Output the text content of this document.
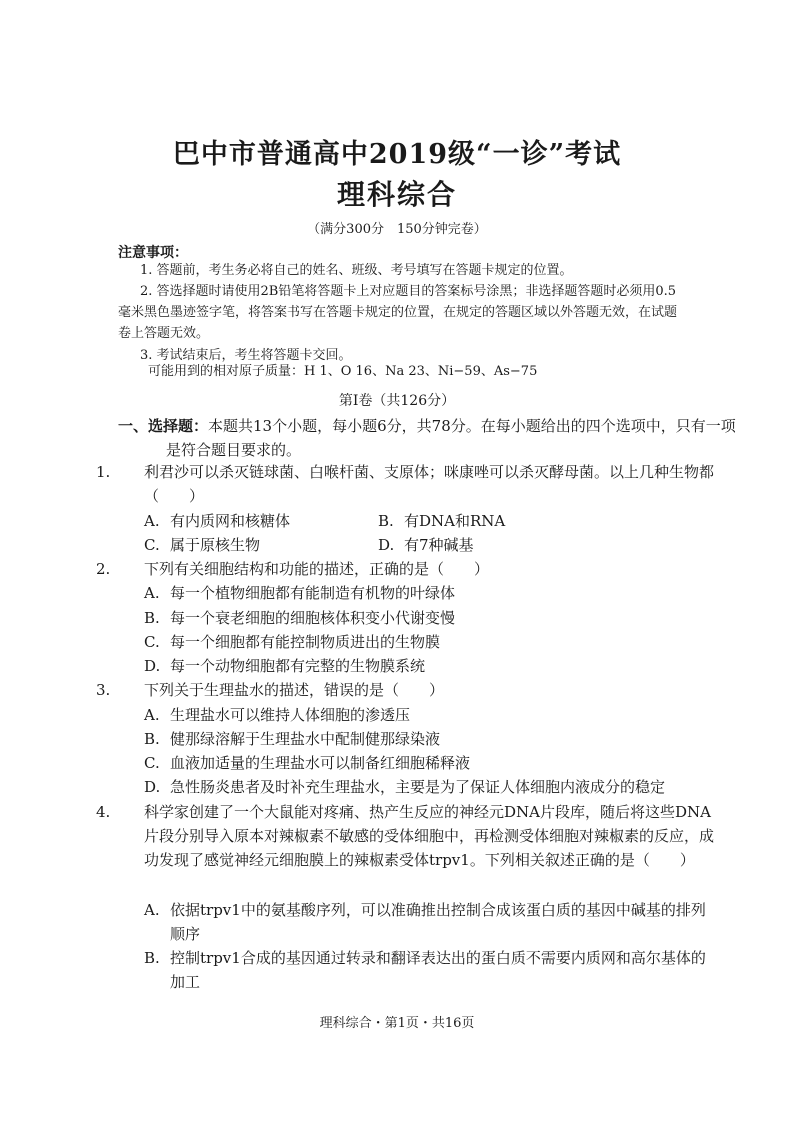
巴中市普通高中2019级“一诊”考试
理科综合
（满分300分　150分钟完卷）
注意事项：
1. 答题前，考生务必将自己的姓名、班级、考号填写在答题卡规定的位置。
2. 答选择题时请使用2B铅笔将答题卡上对应题目的答案标号涂黑；非选择题答题时必须用0.5毫米黑色墨迹签字笔，将答案书写在答题卡规定的位置，在规定的答题区域以外答题无效，在试题卷上答题无效。
3. 考试结束后，考生将答题卡交回。
可能用到的相对原子质量：H 1、O 16、Na 23、Ni−59、As−75
第Ⅰ卷（共126分）
一、选择题：本题共13个小题，每小题6分，共78分。在每小题给出的四个选项中，只有一项是符合题目要求的。
1. 利君沙可以杀灭链球菌、白喉杆菌、支原体；咪康唑可以杀灭酵母菌。以上几种生物都（　　）
A. 有内质网和核糖体	B. 有DNA和RNA
C. 属于原核生物	D. 有7种碱基
2. 下列有关细胞结构和功能的描述，正确的是（　　）
A. 每一个植物细胞都有能制造有机物的叶绿体
B. 每一个衰老细胞的细胞核体积变小代谢变慢
C. 每一个细胞都有能控制物质进出的生物膜
D. 每一个动物细胞都有完整的生物膜系统
3. 下列关于生理盐水的描述，错误的是（　　）
A. 生理盐水可以维持人体细胞的渗透压
B. 健那绿溶解于生理盐水中配制健那绿染液
C. 血液加适量的生理盐水可以制备红细胞稀释液
D. 急性肠炎患者及时补充生理盐水，主要是为了保证人体细胞内液成分的稳定
4. 科学家创建了一个大鼠能对疼痛、热产生反应的神经元DNA片段库，随后将这些DNA片段分别导入原本对辣椒素不敏感的受体细胞中，再检测受体细胞对辣椒素的反应，成功发现了感觉神经元细胞膜上的辣椒素受体trpv1。下列相关叙述正确的是（　　）
A. 依据trpv1中的氨基酸序列，可以准确推出控制合成该蛋白质的基因中碱基的排列顺序
B. 控制trpv1合成的基因通过转录和翻译表达出的蛋白质不需要内质网和高尔基体的加工
理科综合・第1页・共16页
